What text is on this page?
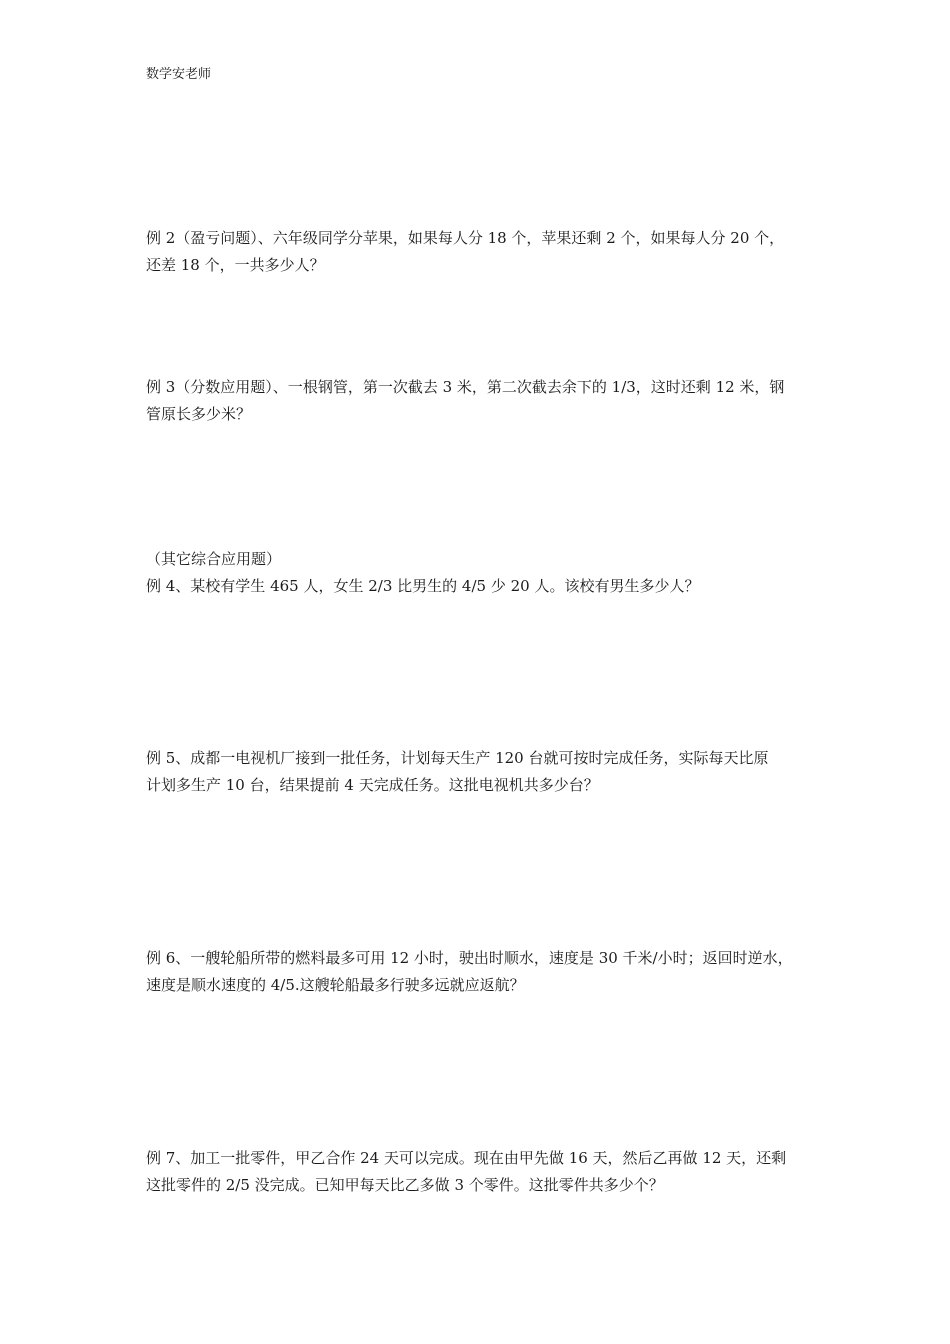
数学安老师

例 2（盈亏问题）、六年级同学分苹果，如果每人分 18 个，苹果还剩 2 个，如果每人分 20 个，

还差 18 个，一共多少人？

例 3（分数应用题）、一根钢管，第一次截去 3 米，第二次截去余下的 1/3，这时还剩 12 米，钢

管原长多少米？

（其它综合应用题）

例 4、某校有学生 465 人，女生 2/3 比男生的 4/5 少 20 人。该校有男生多少人？

例 5、成都一电视机厂接到一批任务，计划每天生产 120 台就可按时完成任务，实际每天比原

计划多生产 10 台，结果提前 4 天完成任务。这批电视机共多少台？

例 6、一艘轮船所带的燃料最多可用 12 小时，驶出时顺水，速度是 30 千米/小时；返回时逆水，

速度是顺水速度的 4/5.这艘轮船最多行驶多远就应返航？

例 7、加工一批零件，甲乙合作 24 天可以完成。现在由甲先做 16 天，然后乙再做 12 天，还剩

这批零件的 2/5 没完成。已知甲每天比乙多做 3 个零件。这批零件共多少个？
